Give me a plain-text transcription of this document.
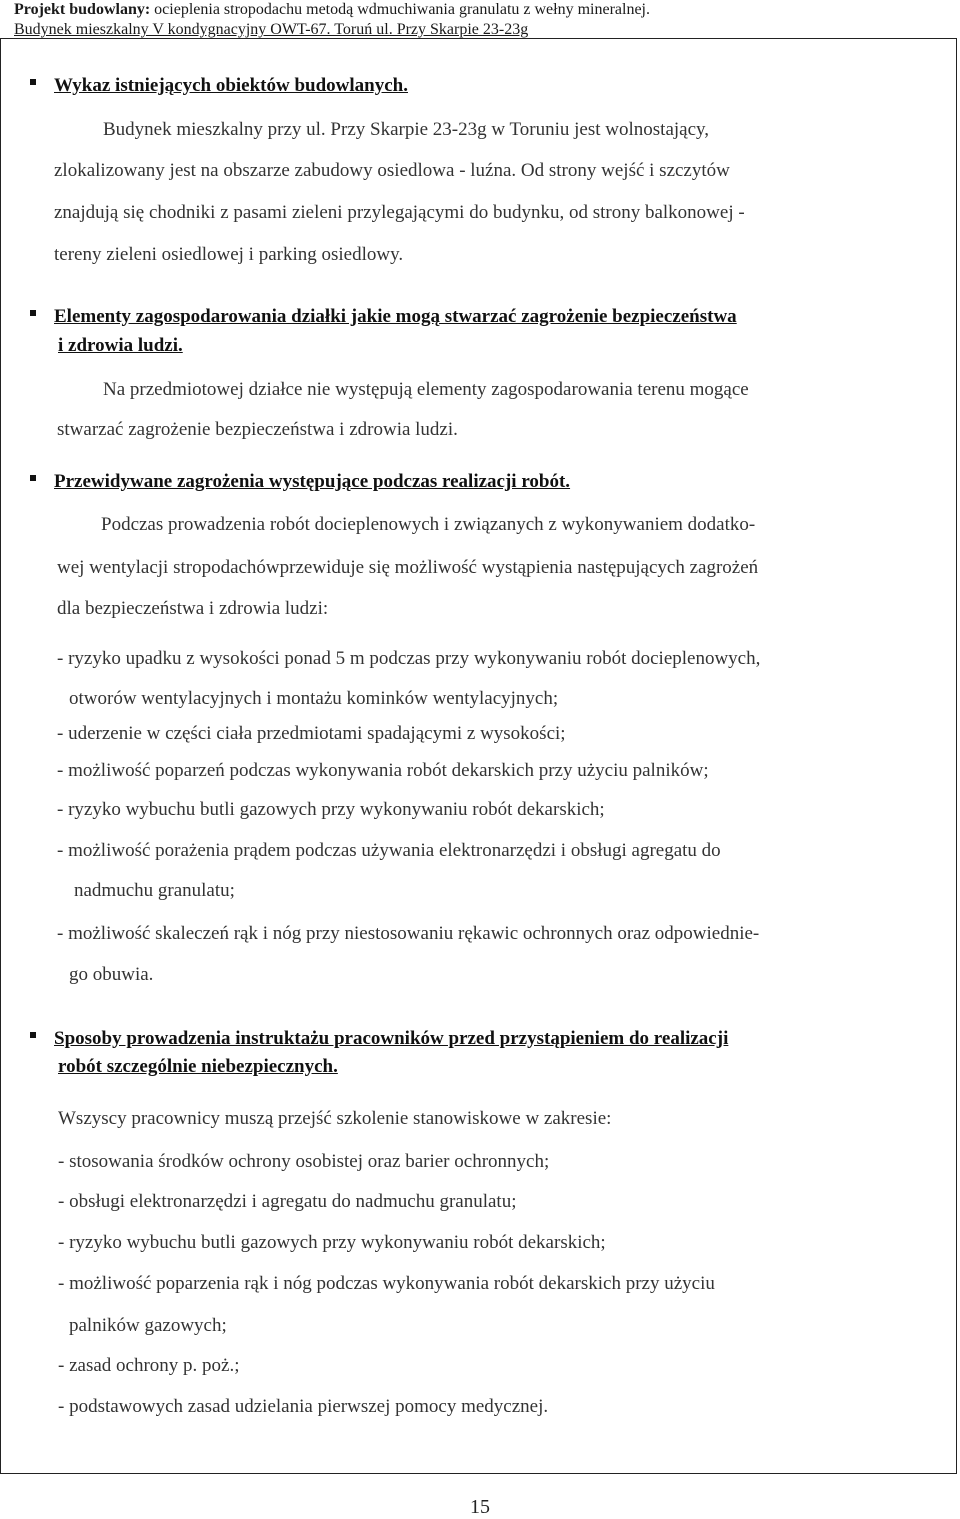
Projekt budowlany: ocieplenia stropodachu metodą wdmuchiwania granulatu z wełny mineralnej.
Budynek mieszkalny V kondygnacyjny OWT-67. Toruń ul. Przy Skarpie 23-23g
Wykaz istniejących obiektów budowlanych.
Budynek mieszkalny przy ul. Przy Skarpie 23-23g w Toruniu jest wolnostający,
zlokalizowany jest na obszarze zabudowy osiedlowa - luźna. Od strony wejść i szczytów
znajdują się chodniki z pasami zieleni przylegającymi do budynku, od strony balkonowej -
tereny zieleni osiedlowej i parking osiedlowy.
Elementy zagospodarowania działki jakie mogą stwarzać zagrożenie bezpieczeństwa
i zdrowia ludzi.
Na przedmiotowej działce nie występują elementy zagospodarowania terenu mogące
stwarzać zagrożenie bezpieczeństwa i zdrowia ludzi.
Przewidywane zagrożenia występujące podczas realizacji robót.
Podczas prowadzenia robót docieplenowych i związanych z wykonywaniem dodatko-
wej wentylacji stropodachówprzewiduje się możliwość wystąpienia następujących zagrożeń
dla bezpieczeństwa i zdrowia ludzi:
- ryzyko upadku z wysokości ponad 5 m podczas przy wykonywaniu robót docieplenowych,
otworów wentylacyjnych i montażu kominków wentylacyjnych;
- uderzenie w części ciała przedmiotami spadającymi z wysokości;
- możliwość poparzeń podczas wykonywania robót dekarskich przy użyciu palników;
- ryzyko wybuchu butli gazowych przy wykonywaniu robót dekarskich;
- możliwość porażenia prądem podczas używania elektronarzędzi i obsługi agregatu do
nadmuchu granulatu;
- możliwość skaleczeń rąk i nóg przy niestosowaniu rękawic ochronnych oraz odpowiednie-
go obuwia.
Sposoby prowadzenia instruktażu pracowników przed przystąpieniem do realizacji
robót szczególnie niebezpiecznych.
Wszyscy pracownicy muszą przejść szkolenie stanowiskowe w zakresie:
- stosowania środków ochrony osobistej oraz barier ochronnych;
- obsługi elektronarzędzi i agregatu do nadmuchu granulatu;
- ryzyko wybuchu butli gazowych przy wykonywaniu robót dekarskich;
- możliwość poparzenia rąk i nóg podczas wykonywania robót dekarskich przy użyciu
palników gazowych;
- zasad ochrony p. poż.;
- podstawowych zasad udzielania pierwszej pomocy medycznej.
15
